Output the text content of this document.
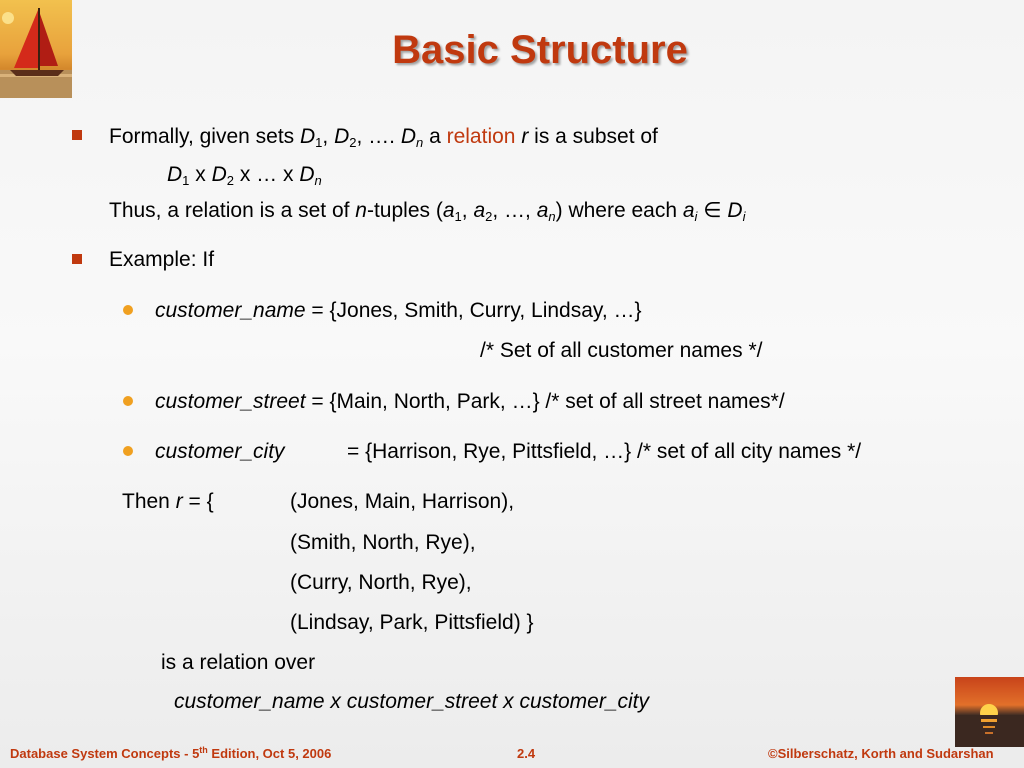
Basic Structure
Formally, given sets $D_1$, $D_2$, …. $D_n$ a relation r is a subset of
$D_1$ x $D_2$ x … x $D_n$
Thus, a relation is a set of n-tuples ($a_1$, $a_2$, …, $a_n$) where each $a_i$ ∈ $D_i$
Example: If
customer_name = {Jones, Smith, Curry, Lindsay, …}
/* Set of all customer names */
customer_street = {Main, North, Park, …} /* set of all street names*/
customer_city	= {Harrison, Rye, Pittsfield, …} /* set of all city names */
Then r = {	(Jones, Main, Harrison),
(Smith, North, Rye),
(Curry, North, Rye),
(Lindsay, Park, Pittsfield) }
is a relation over
customer_name x customer_street x customer_city
Database System Concepts - 5th Edition, Oct 5, 2006	2.4	©Silberschatz, Korth and Sudarshan
